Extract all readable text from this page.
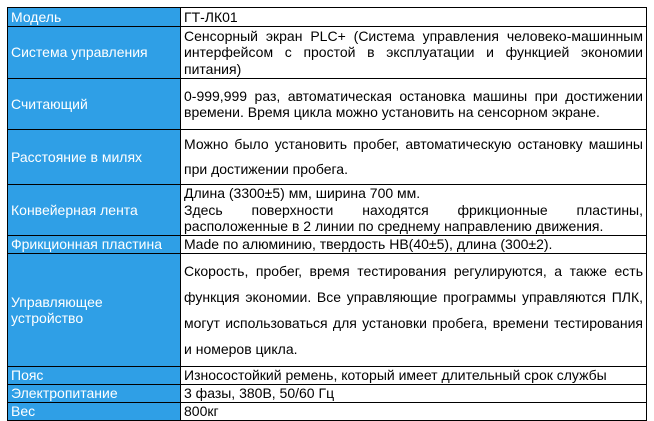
Модель	ГТ-ЛК01

Система управления	Сенсорный экран PLC+ (Система управления человеко-машинным интерфейсом с простой в эксплуатации и функцией экономии питания)

Считающий	0-999,999 раз, автоматическая остановка машины при достижении времени. Время цикла можно установить на сенсорном экране.

Расстояние в милях	Можно было установить пробег, автоматическую остановку машины при достижении пробега.

Конвейерная лента	Длина (3300±5) мм, ширина 700 мм.
Здесь поверхности находятся фрикционные пластины, расположенные в 2 линии по среднему направлению движения.

Фрикционная пластина	Made по алюминию, твердость HB(40±5), длина (300±2).

Управляющее устройство	Скорость, пробег, время тестирования регулируются, а также есть функция экономии. Все управляющие программы управляются ПЛК, могут использоваться для установки пробега, времени тестирования и номеров цикла.

Пояс	Износостойкий ремень, который имеет длительный срок службы

Электропитание	3 фазы, 380В, 50/60 Гц

Вес	800кг
